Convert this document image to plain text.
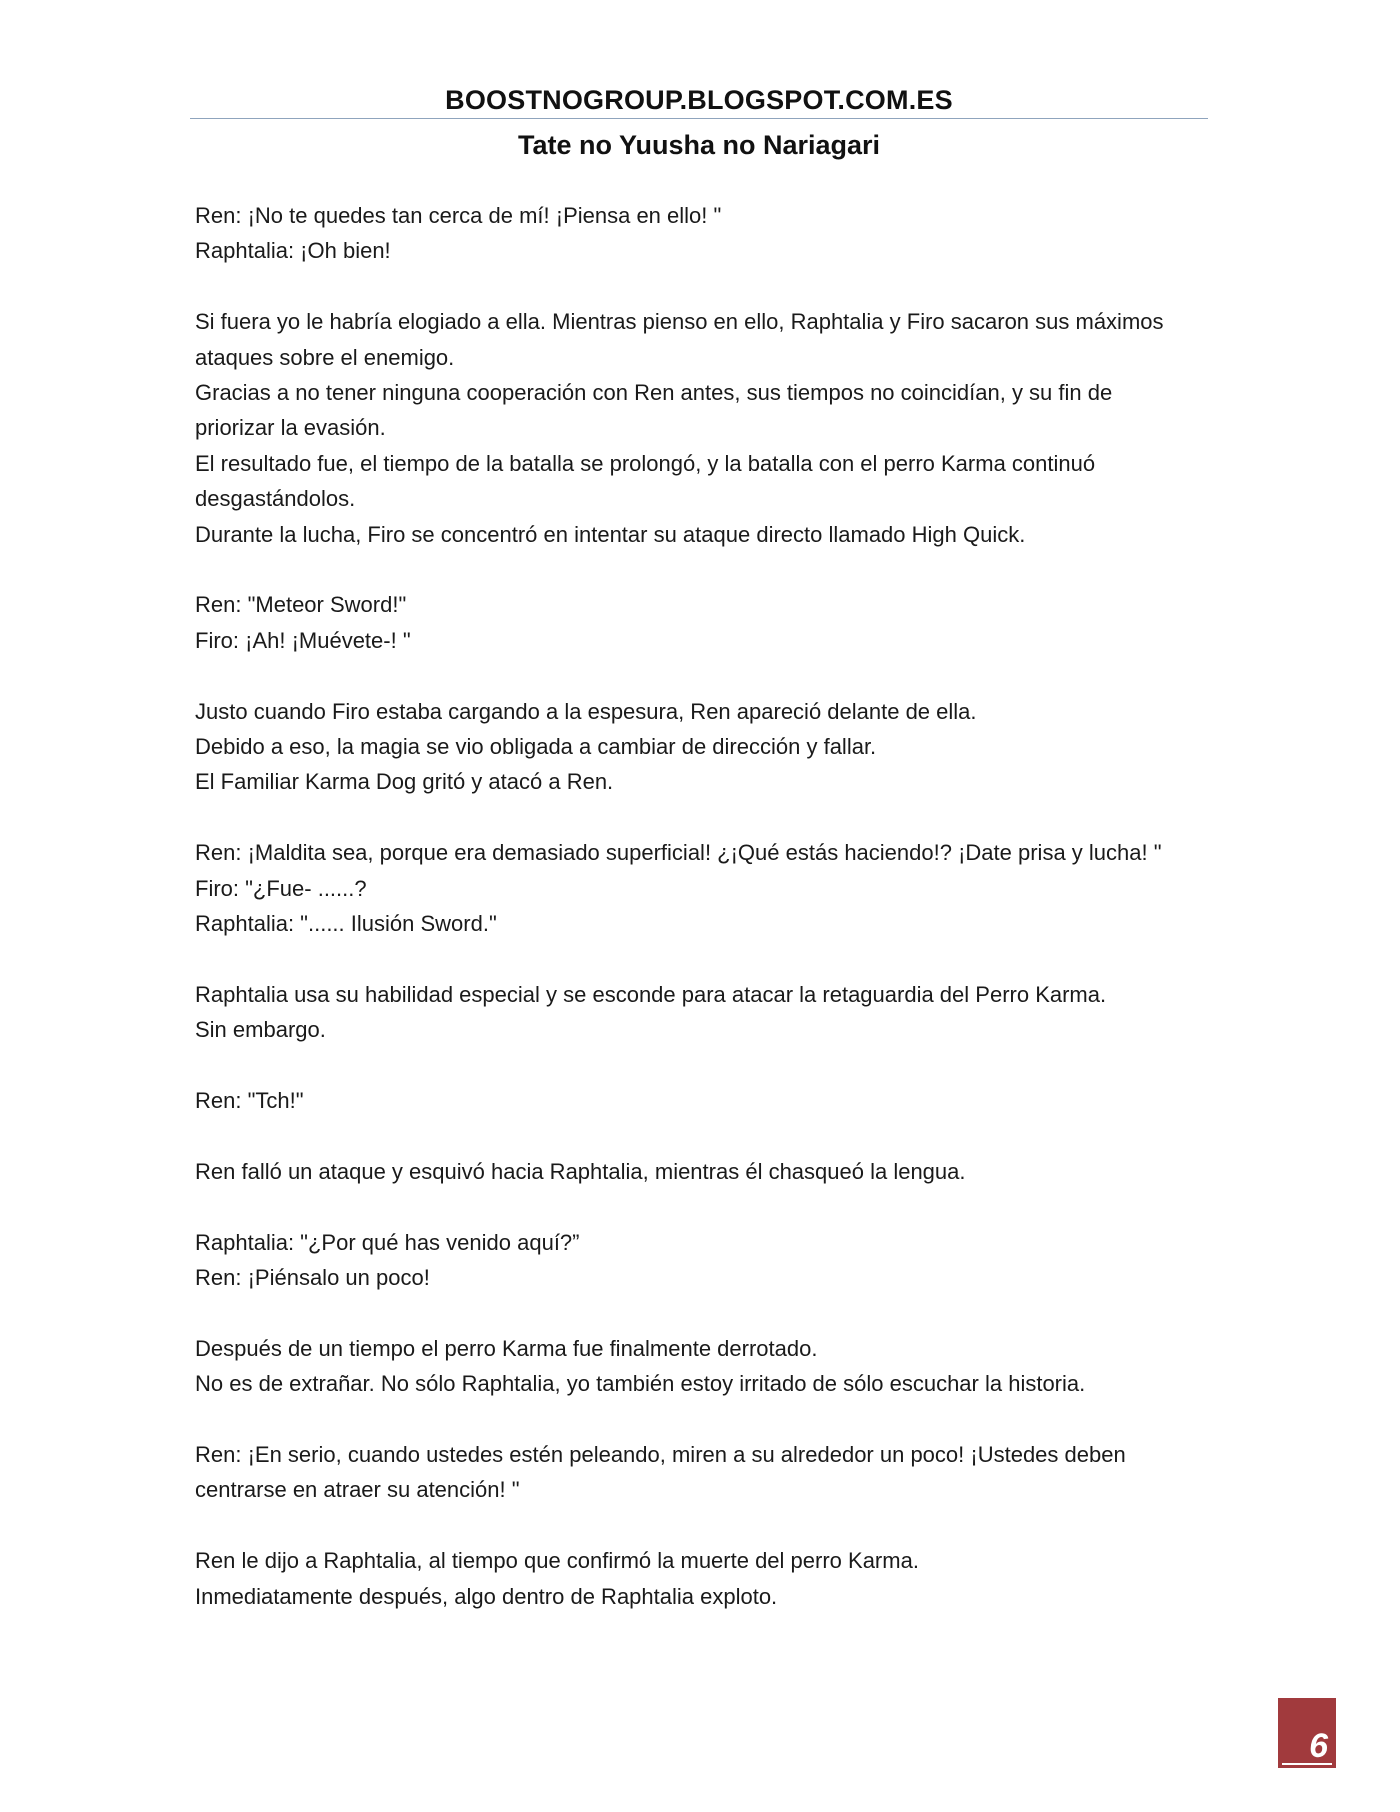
BOOSTNOGROUP.BLOGSPOT.COM.ES
Tate no Yuusha no Nariagari

Ren: ¡No te quedes tan cerca de mí! ¡Piensa en ello! "
Raphtalia: ¡Oh bien!

Si fuera yo le habría elogiado a ella. Mientras pienso en ello, Raphtalia y Firo sacaron sus máximos
ataques sobre el enemigo.
Gracias a no tener ninguna cooperación con Ren antes, sus tiempos no coincidían, y su fin de
priorizar la evasión.
El resultado fue, el tiempo de la batalla se prolongó, y la batalla con el perro Karma continuó
desgastándolos.
Durante la lucha, Firo se concentró en intentar su ataque directo llamado High Quick.

Ren: "Meteor Sword!"
Firo: ¡Ah! ¡Muévete-! "

Justo cuando Firo estaba cargando a la espesura, Ren apareció delante de ella.
Debido a eso, la magia se vio obligada a cambiar de dirección y fallar.
El Familiar Karma Dog gritó y atacó a Ren.

Ren: ¡Maldita sea, porque era demasiado superficial! ¿¡Qué estás haciendo!? ¡Date prisa y lucha! "
Firo: "¿Fue- ......?
Raphtalia: "...... Ilusión Sword."

Raphtalia usa su habilidad especial y se esconde para atacar la retaguardia del Perro Karma.
Sin embargo.

Ren: "Tch!"

Ren falló un ataque y esquivó hacia Raphtalia, mientras él chasqueó la lengua.

Raphtalia: "¿Por qué has venido aquí?”
Ren: ¡Piénsalo un poco!

Después de un tiempo el perro Karma fue finalmente derrotado.
No es de extrañar. No sólo Raphtalia, yo también estoy irritado de sólo escuchar la historia.

Ren: ¡En serio, cuando ustedes estén peleando, miren a su alrededor un poco! ¡Ustedes deben
centrarse en atraer su atención! "

Ren le dijo a Raphtalia, al tiempo que confirmó la muerte del perro Karma.
Inmediatamente después, algo dentro de Raphtalia exploto.

6
